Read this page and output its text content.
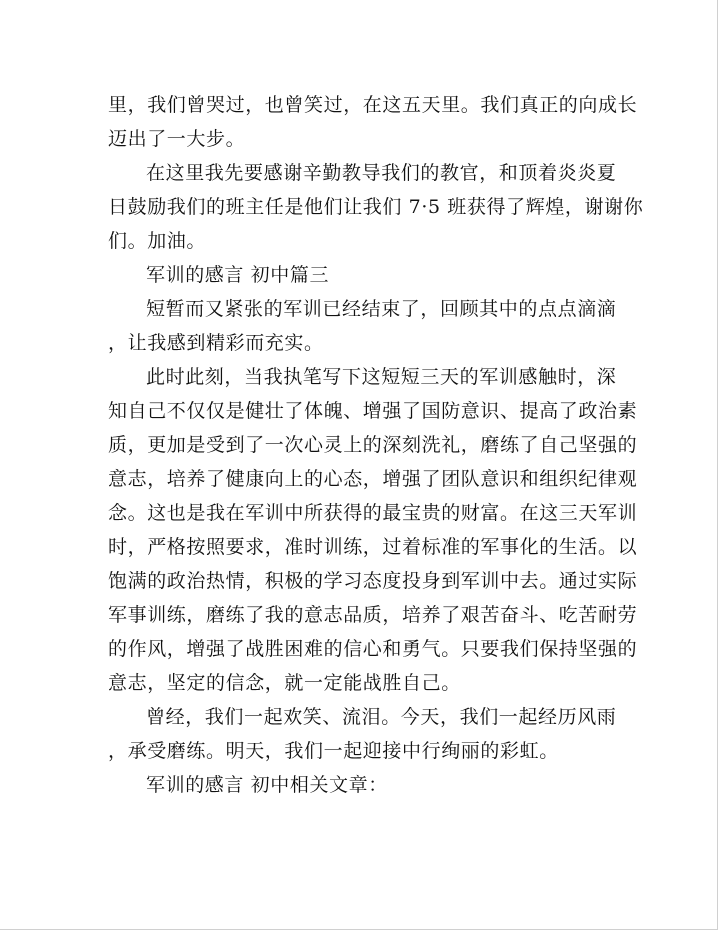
里，我们曾哭过，也曾笑过，在这五天里。我们真正的向成长
迈出了一大步。
在这里我先要感谢辛勤教导我们的教官，和顶着炎炎夏
日鼓励我们的班主任是他们让我们 7·5 班获得了辉煌，谢谢你
们。加油。
军训的感言 初中篇三
短暂而又紧张的军训已经结束了，回顾其中的点点滴滴
，让我感到精彩而充实。
此时此刻，当我执笔写下这短短三天的军训感触时，深
知自己不仅仅是健壮了体魄、增强了国防意识、提高了政治素
质，更加是受到了一次心灵上的深刻洗礼，磨练了自己坚强的
意志，培养了健康向上的心态，增强了团队意识和组织纪律观
念。这也是我在军训中所获得的最宝贵的财富。在这三天军训
时，严格按照要求，准时训练，过着标准的军事化的生活。以
饱满的政治热情，积极的学习态度投身到军训中去。通过实际
军事训练，磨练了我的意志品质，培养了艰苦奋斗、吃苦耐劳
的作风，增强了战胜困难的信心和勇气。只要我们保持坚强的
意志，坚定的信念，就一定能战胜自己。
曾经，我们一起欢笑、流泪。今天，我们一起经历风雨
，承受磨练。明天，我们一起迎接中行绚丽的彩虹。
军训的感言 初中相关文章：
